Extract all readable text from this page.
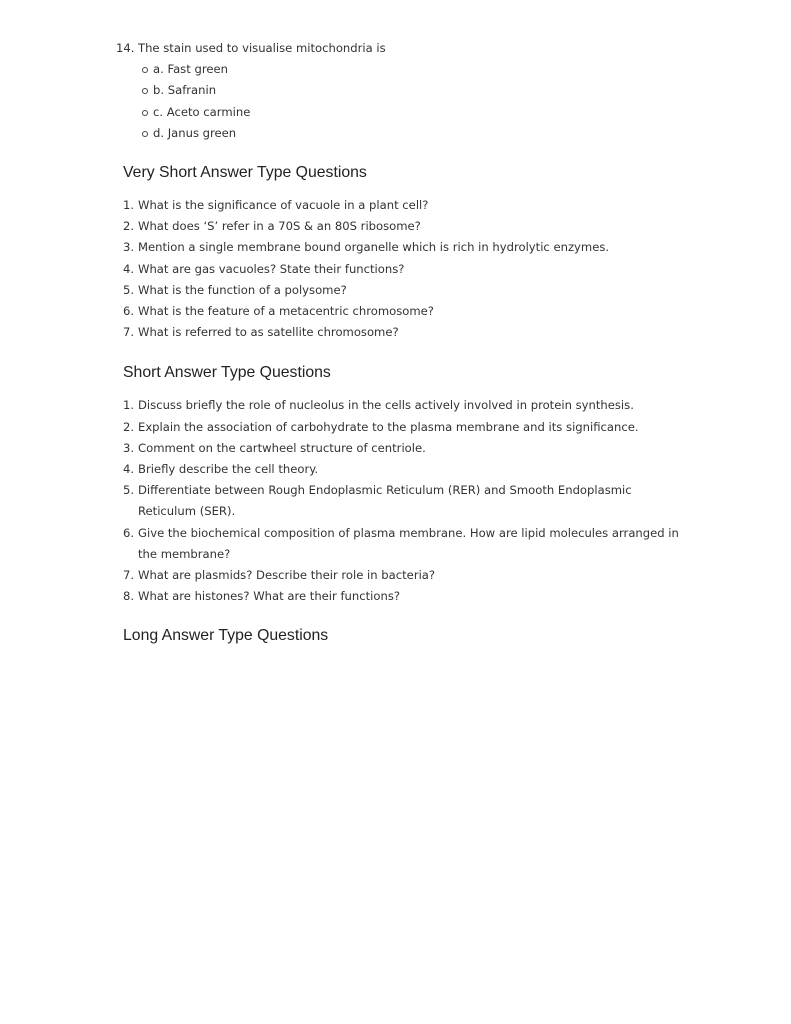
14. The stain used to visualise mitochondria is
a. Fast green
b. Safranin
c. Aceto carmine
d. Janus green
Very Short Answer Type Questions
1. What is the significance of vacuole in a plant cell?
2. What does ‘S’ refer in a 70S & an 80S ribosome?
3. Mention a single membrane bound organelle which is rich in hydrolytic enzymes.
4. What are gas vacuoles? State their functions?
5. What is the function of a polysome?
6. What is the feature of a metacentric chromosome?
7. What is referred to as satellite chromosome?
Short Answer Type Questions
1. Discuss briefly the role of nucleolus in the cells actively involved in protein synthesis.
2. Explain the association of carbohydrate to the plasma membrane and its significance.
3. Comment on the cartwheel structure of centriole.
4. Briefly describe the cell theory.
5. Differentiate between Rough Endoplasmic Reticulum (RER) and Smooth Endoplasmic Reticulum (SER).
6. Give the biochemical composition of plasma membrane. How are lipid molecules arranged in the membrane?
7. What are plasmids? Describe their role in bacteria?
8. What are histones? What are their functions?
Long Answer Type Questions
